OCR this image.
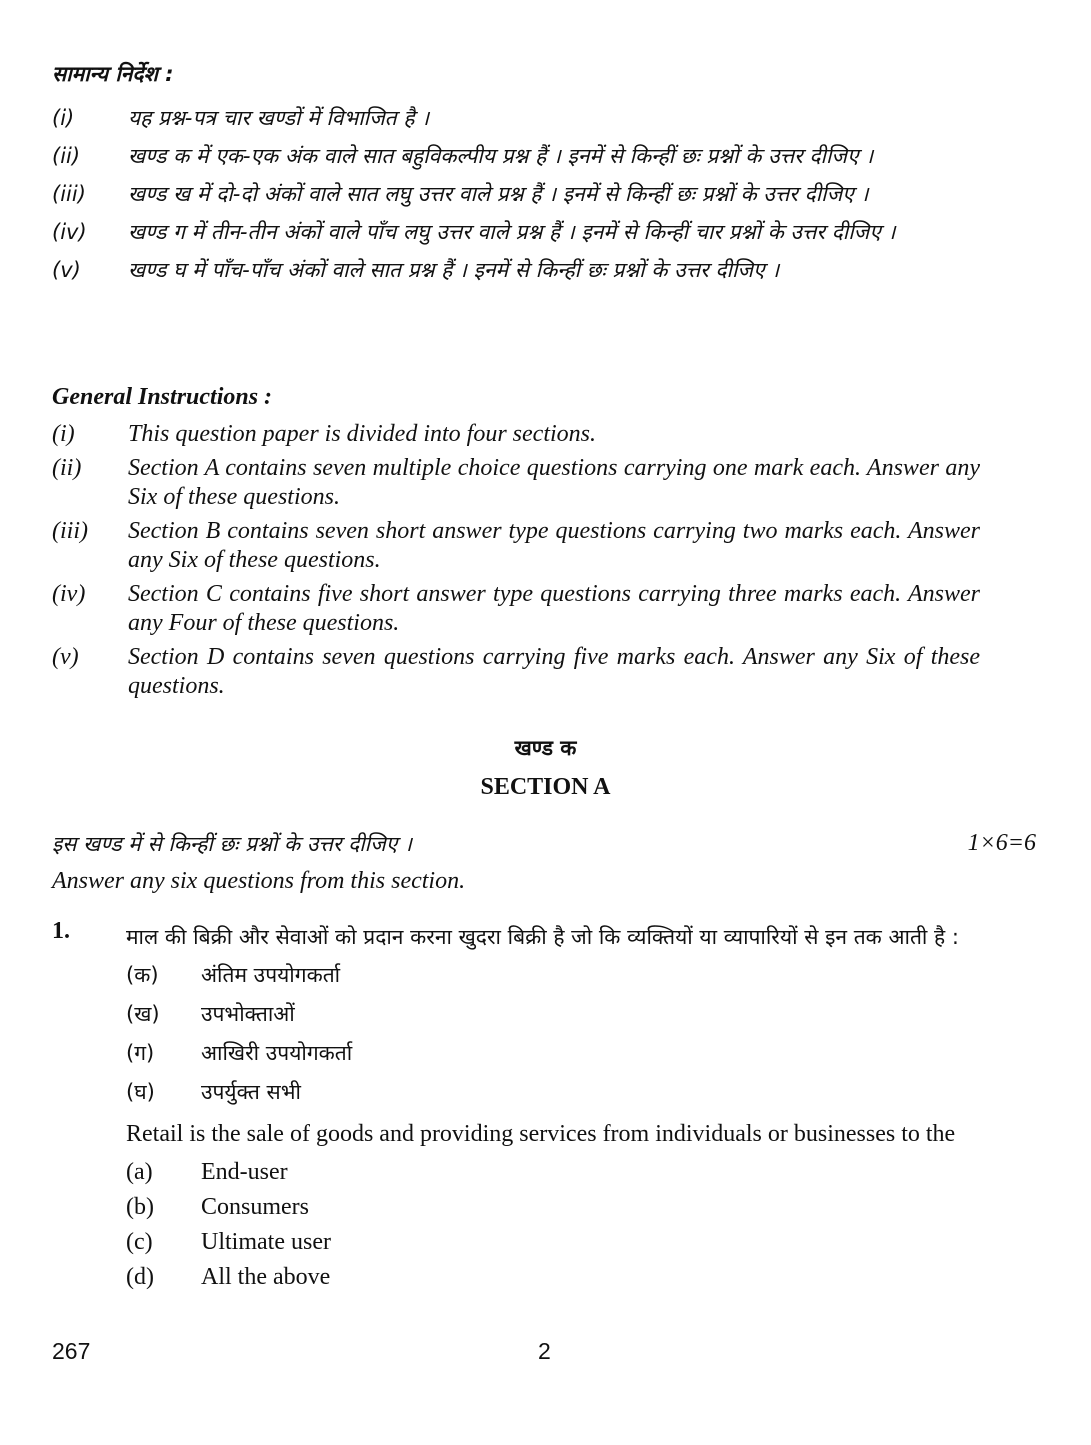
सामान्य निर्देश :
(i)	यह प्रश्न-पत्र चार खण्डों में विभाजित है ।
(ii)	खण्ड क में एक-एक अंक वाले सात बहुविकल्पीय प्रश्न हैं । इनमें से किन्हीं छः प्रश्नों के उत्तर दीजिए ।
(iii)	खण्ड ख में दो-दो अंकों वाले सात लघु उत्तर वाले प्रश्न हैं । इनमें से किन्हीं छः प्रश्नों के उत्तर दीजिए ।
(iv)	खण्ड ग में तीन-तीन अंकों वाले पाँच लघु उत्तर वाले प्रश्न हैं । इनमें से किन्हीं चार प्रश्नों के उत्तर दीजिए ।
(v)	खण्ड घ में पाँच-पाँच अंकों वाले सात प्रश्न हैं । इनमें से किन्हीं छः प्रश्नों के उत्तर दीजिए ।
General Instructions :
(i)	This question paper is divided into four sections.
(ii)	Section A contains seven multiple choice questions carrying one mark each. Answer any Six of these questions.
(iii)	Section B contains seven short answer type questions carrying two marks each. Answer any Six of these questions.
(iv)	Section C contains five short answer type questions carrying three marks each. Answer any Four of these questions.
(v)	Section D contains seven questions carrying five marks each. Answer any Six of these questions.
खण्ड क
SECTION A
इस खण्ड में से किन्हीं छः प्रश्नों के उत्तर दीजिए ।	1×6=6
Answer any six questions from this section.
1.	माल की बिक्री और सेवाओं को प्रदान करना खुदरा बिक्री है जो कि व्यक्तियों या व्यापारियों से इन तक आती है :
(क)	अंतिम उपयोगकर्ता
(ख)	उपभोक्ताओं
(ग)	आखिरी उपयोगकर्ता
(घ)	उपर्युक्त सभी
Retail is the sale of goods and providing services from individuals or businesses to the
(a)	End-user
(b)	Consumers
(c)	Ultimate user
(d)	All the above
267	2
